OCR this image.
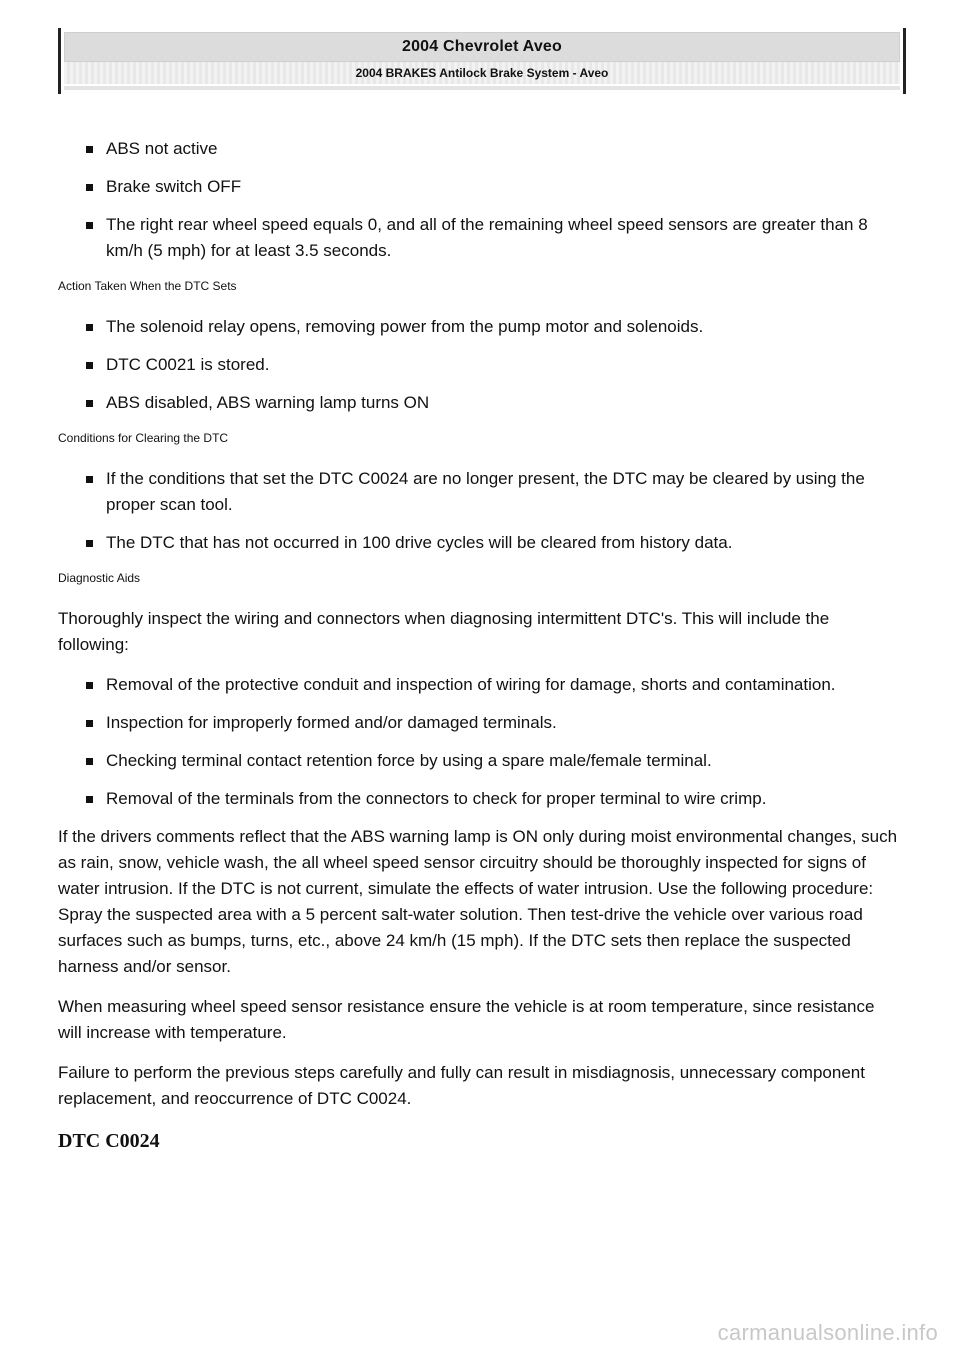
2004 Chevrolet Aveo
2004 BRAKES Antilock Brake System - Aveo
ABS not active
Brake switch OFF
The right rear wheel speed equals 0, and all of the remaining wheel speed sensors are greater than 8 km/h (5 mph) for at least 3.5 seconds.
Action Taken When the DTC Sets
The solenoid relay opens, removing power from the pump motor and solenoids.
DTC C0021 is stored.
ABS disabled, ABS warning lamp turns ON
Conditions for Clearing the DTC
If the conditions that set the DTC C0024 are no longer present, the DTC may be cleared by using the proper scan tool.
The DTC that has not occurred in 100 drive cycles will be cleared from history data.
Diagnostic Aids

Thoroughly inspect the wiring and connectors when diagnosing intermittent DTC's. This will include the following:

Removal of the protective conduit and inspection of wiring for damage, shorts and contamination.
Inspection for improperly formed and/or damaged terminals.
Checking terminal contact retention force by using a spare male/female terminal.
Removal of the terminals from the connectors to check for proper terminal to wire crimp.

If the drivers comments reflect that the ABS warning lamp is ON only during moist environmental changes, such as rain, snow, vehicle wash, the all wheel speed sensor circuitry should be thoroughly inspected for signs of water intrusion. If the DTC is not current, simulate the effects of water intrusion. Use the following procedure: Spray the suspected area with a 5 percent salt-water solution. Then test-drive the vehicle over various road surfaces such as bumps, turns, etc., above 24 km/h (15 mph). If the DTC sets then replace the suspected harness and/or sensor.

When measuring wheel speed sensor resistance ensure the vehicle is at room temperature, since resistance will increase with temperature.

Failure to perform the previous steps carefully and fully can result in misdiagnosis, unnecessary component replacement, and reoccurrence of DTC C0024.

DTC C0024
carmanualsonline.info
